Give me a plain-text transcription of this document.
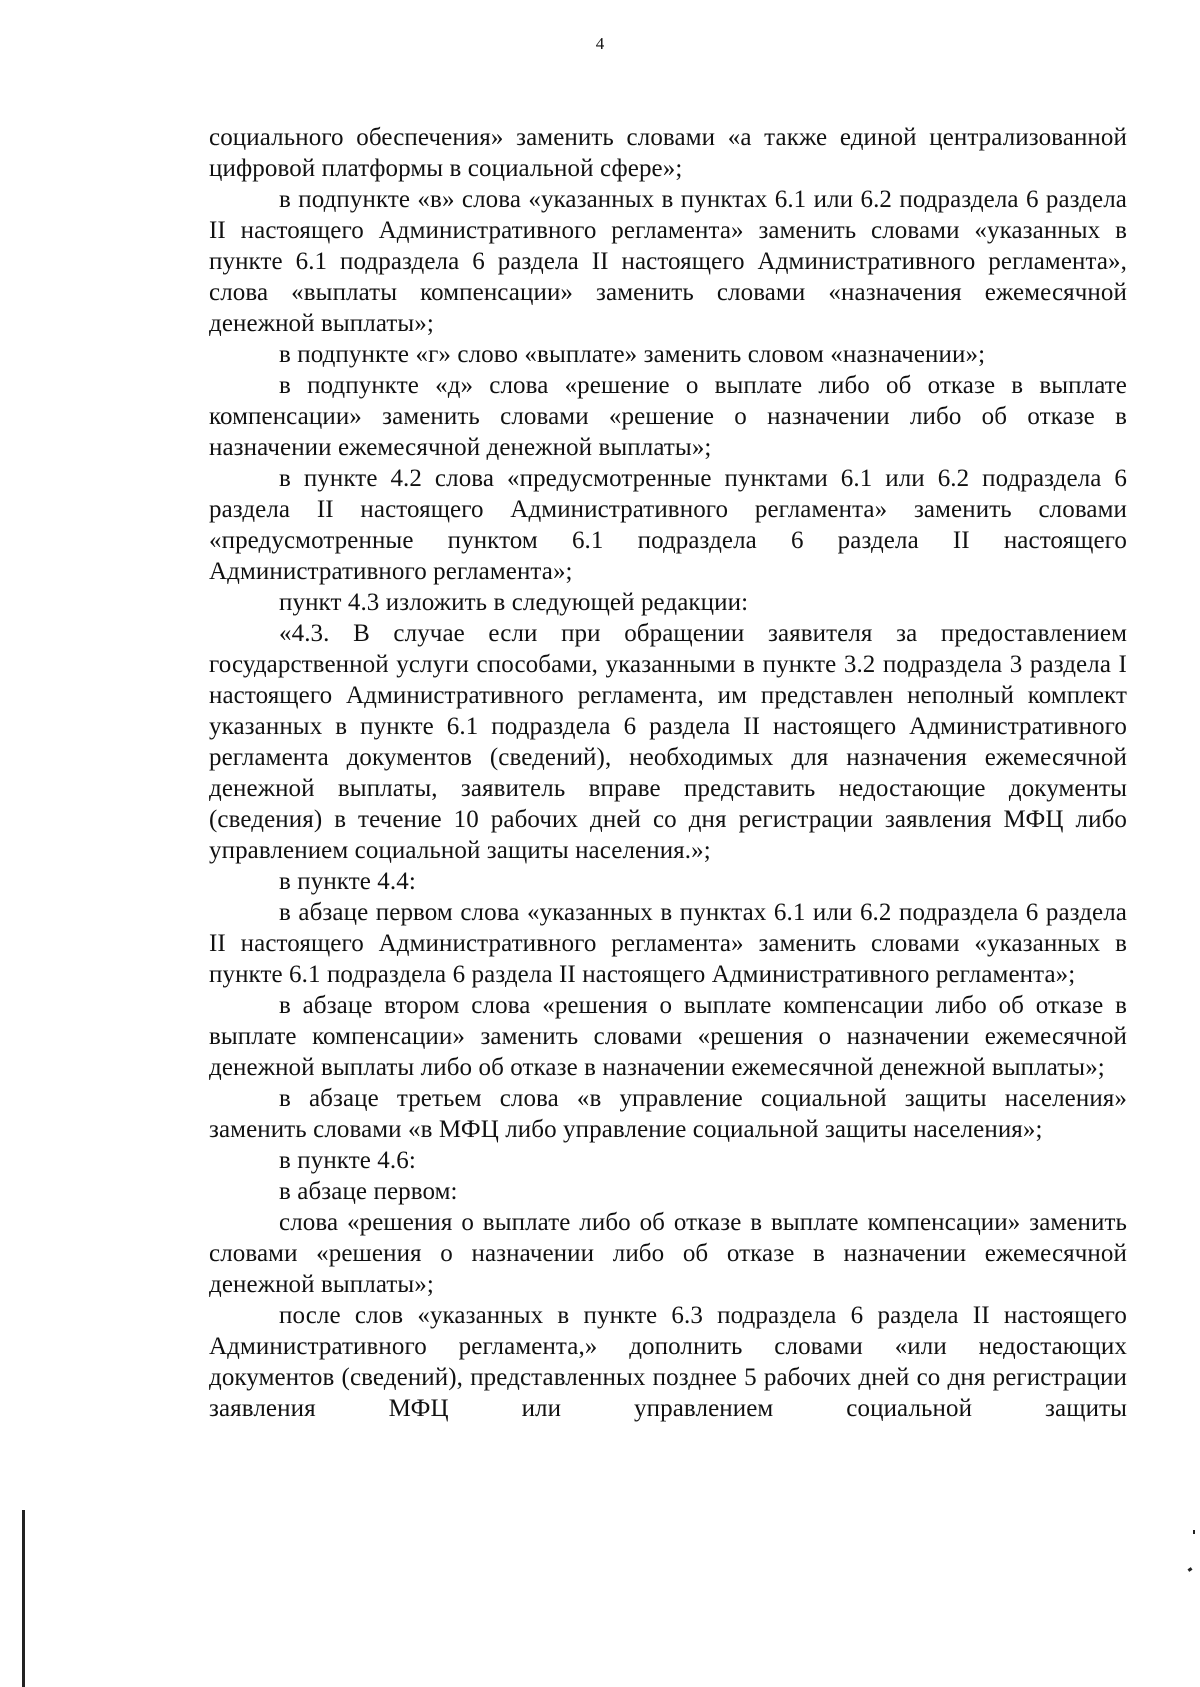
4

социального обеспечения» заменить словами «а также единой централизованной цифровой платформы в социальной сфере»;

в подпункте «в» слова «указанных в пунктах 6.1 или 6.2 подраздела 6 раздела II настоящего Административного регламента» заменить словами «указанных в пункте 6.1 подраздела 6 раздела II настоящего Административного регламента», слова «выплаты компенсации» заменить словами «назначения ежемесячной денежной выплаты»;

в подпункте «г» слово «выплате» заменить словом «назначении»;

в подпункте «д» слова «решение о выплате либо об отказе в выплате компенсации» заменить словами «решение о назначении либо об отказе в назначении ежемесячной денежной выплаты»;

в пункте 4.2 слова «предусмотренные пунктами 6.1 или 6.2 подраздела 6 раздела II настоящего Административного регламента» заменить словами «предусмотренные пунктом 6.1 подраздела 6 раздела II настоящего Административного регламента»;

пункт 4.3 изложить в следующей редакции:

«4.3. В случае если при обращении заявителя за предоставлением государственной услуги способами, указанными в пункте 3.2 подраздела 3 раздела I настоящего Административного регламента, им представлен неполный комплект указанных в пункте 6.1 подраздела 6 раздела II настоящего Административного регламента документов (сведений), необходимых для назначения ежемесячной денежной выплаты, заявитель вправе представить недостающие документы (сведения) в течение 10 рабочих дней со дня регистрации заявления МФЦ либо управлением социальной защиты населения.»;

в пункте 4.4:

в абзаце первом слова «указанных в пунктах 6.1 или 6.2 подраздела 6 раздела II настоящего Административного регламента» заменить словами «указанных в пункте 6.1 подраздела 6 раздела II настоящего Административного регламента»;

в абзаце втором слова «решения о выплате компенсации либо об отказе в выплате компенсации» заменить словами «решения о назначении ежемесячной денежной выплаты либо об отказе в назначении ежемесячной денежной выплаты»;

в абзаце третьем слова «в управление социальной защиты населения» заменить словами «в МФЦ либо управление социальной защиты населения»;

в пункте 4.6:

в абзаце первом:

слова «решения о выплате либо об отказе в выплате компенсации» заменить словами «решения о назначении либо об отказе в назначении ежемесячной денежной выплаты»;

после слов «указанных в пункте 6.3 подраздела 6 раздела II настоящего Административного регламента,» дополнить словами «или недостающих документов (сведений), представленных позднее 5 рабочих дней со дня регистрации заявления МФЦ или управлением социальной защиты
